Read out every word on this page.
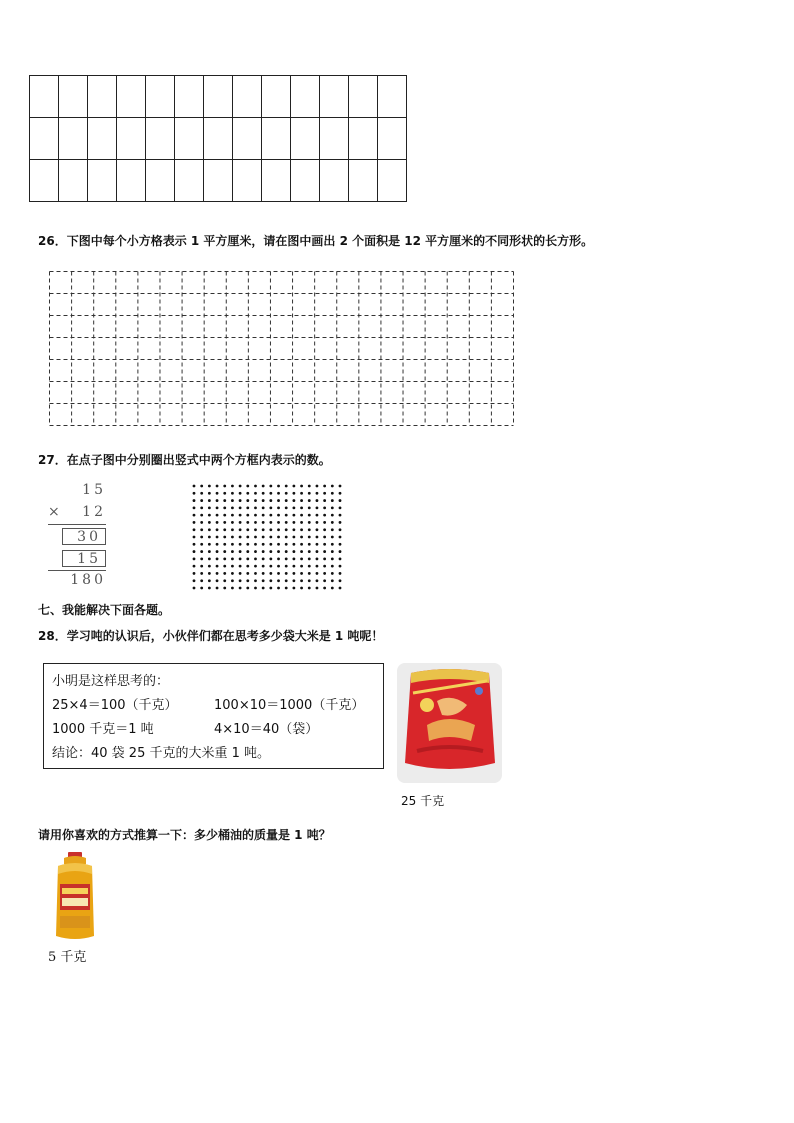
26．下图中每个小方格表示 1 平方厘米，请在图中画出 2 个面积是 12 平方厘米的不同形状的长方形。
27．在点子图中分别圈出竖式中两个方框内表示的数。
15
× 12
30
15
180
七、我能解决下面各题。
28．学习吨的认识后，小伙伴们都在思考多少袋大米是 1 吨呢！
小明是这样思考的：
25×4＝100（千克）	100×10＝1000（千克）
1000 千克＝1 吨	4×10＝40（袋）
结论：40 袋 25 千克的大米重 1 吨。
25 千克
请用你喜欢的方式推算一下：多少桶油的质量是 1 吨？
5 千克
